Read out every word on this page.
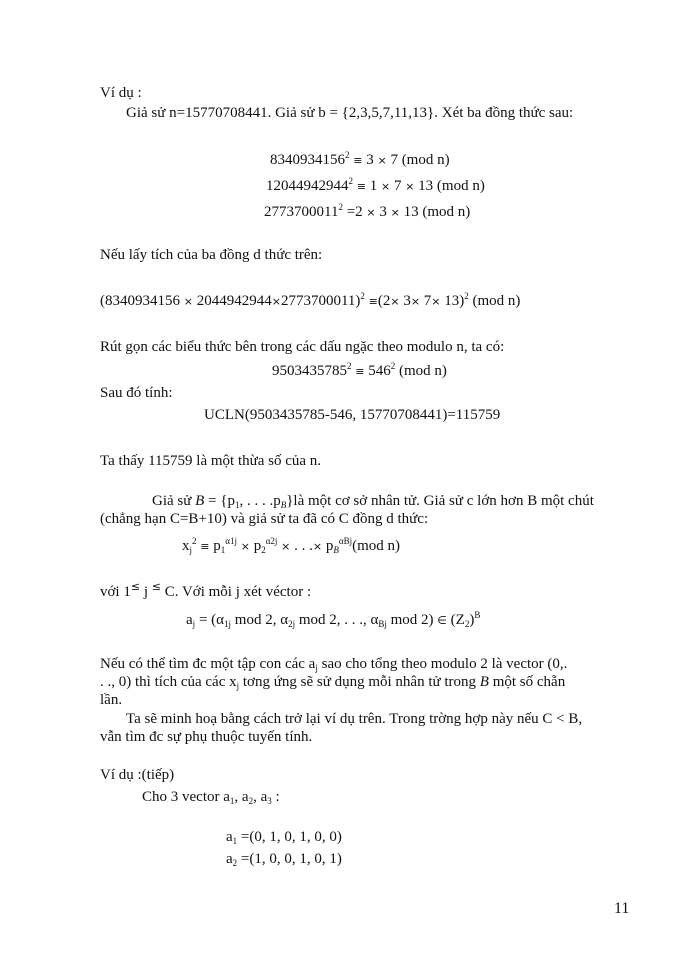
Ví dụ :
Giả sử n=15770708441. Giả sử b = {2,3,5,7,11,13}. Xét ba đồng thức sau:
$8340934156^2 \equiv 3 \times 7$ (mod n)
$12044942944^2 \equiv 1 \times 7 \times 13$ (mod n)
$2773700011^2 =2 \times 3 \times 13$ (mod n)
Nếu lấy tích của ba đồng d thức trên:
$(8340934156 \times 2044942944\times 2773700011)^2 \equiv(2\times 3\times 7\times 13)^2$ (mod n)
Rút gọn các biểu thức bên trong các dấu ngặc theo modulo n, ta có:
$9503435785^2 \equiv 546^2$ (mod n)
Sau đó tính:
UCLN(9503435785-546, 15770708441)=115759
Ta thấy 115759 là một thừa số của n.
Giả sử $B = \{p_1$, . . . $.p_B\}là$ một cơ sở nhân tử. Giả sử c lớn hơn B một chút
(chẳng hạn C=B+10) và giả sử ta đã có C đồng d thức:
$x_j^2 \equiv p_1^{\alpha 1j} \times p_2^{\alpha 2j}$ × . . .× $p_B^{\alpha Bj}(mod$ n)
với 1≤ j ≤ C. Với mỗi j xét véctor :
$a_j = (\alpha_{1j}$ mod 2, $\alpha_{2j}$ mod 2, . . ., $\alpha_{Bj}$ mod 2) ∈ $(Z_2)^B$
Nếu có thể tìm đc một tập con các $a_j$ sao cho tổng theo modulo 2 là vector (0,.
. ., 0) thì tích của các $x_j$ tơng ứng sẽ sử dụng mỗi nhân tử trong B một số chẵn
lần.
Ta sẽ minh hoạ bằng cách trở lại ví dụ trên. Trong trờng hợp này nếu C < B,
vẫn tìm đc sự phụ thuộc tuyến tính.
Ví dụ :(tiếp)
Cho 3 vector $a_1$, $a_2$, $a_3$ :
$a_1 =(0$, 1, 0, 1, 0, 0)
$a_2 =(1$, 0, 0, 1, 0, 1)
11
